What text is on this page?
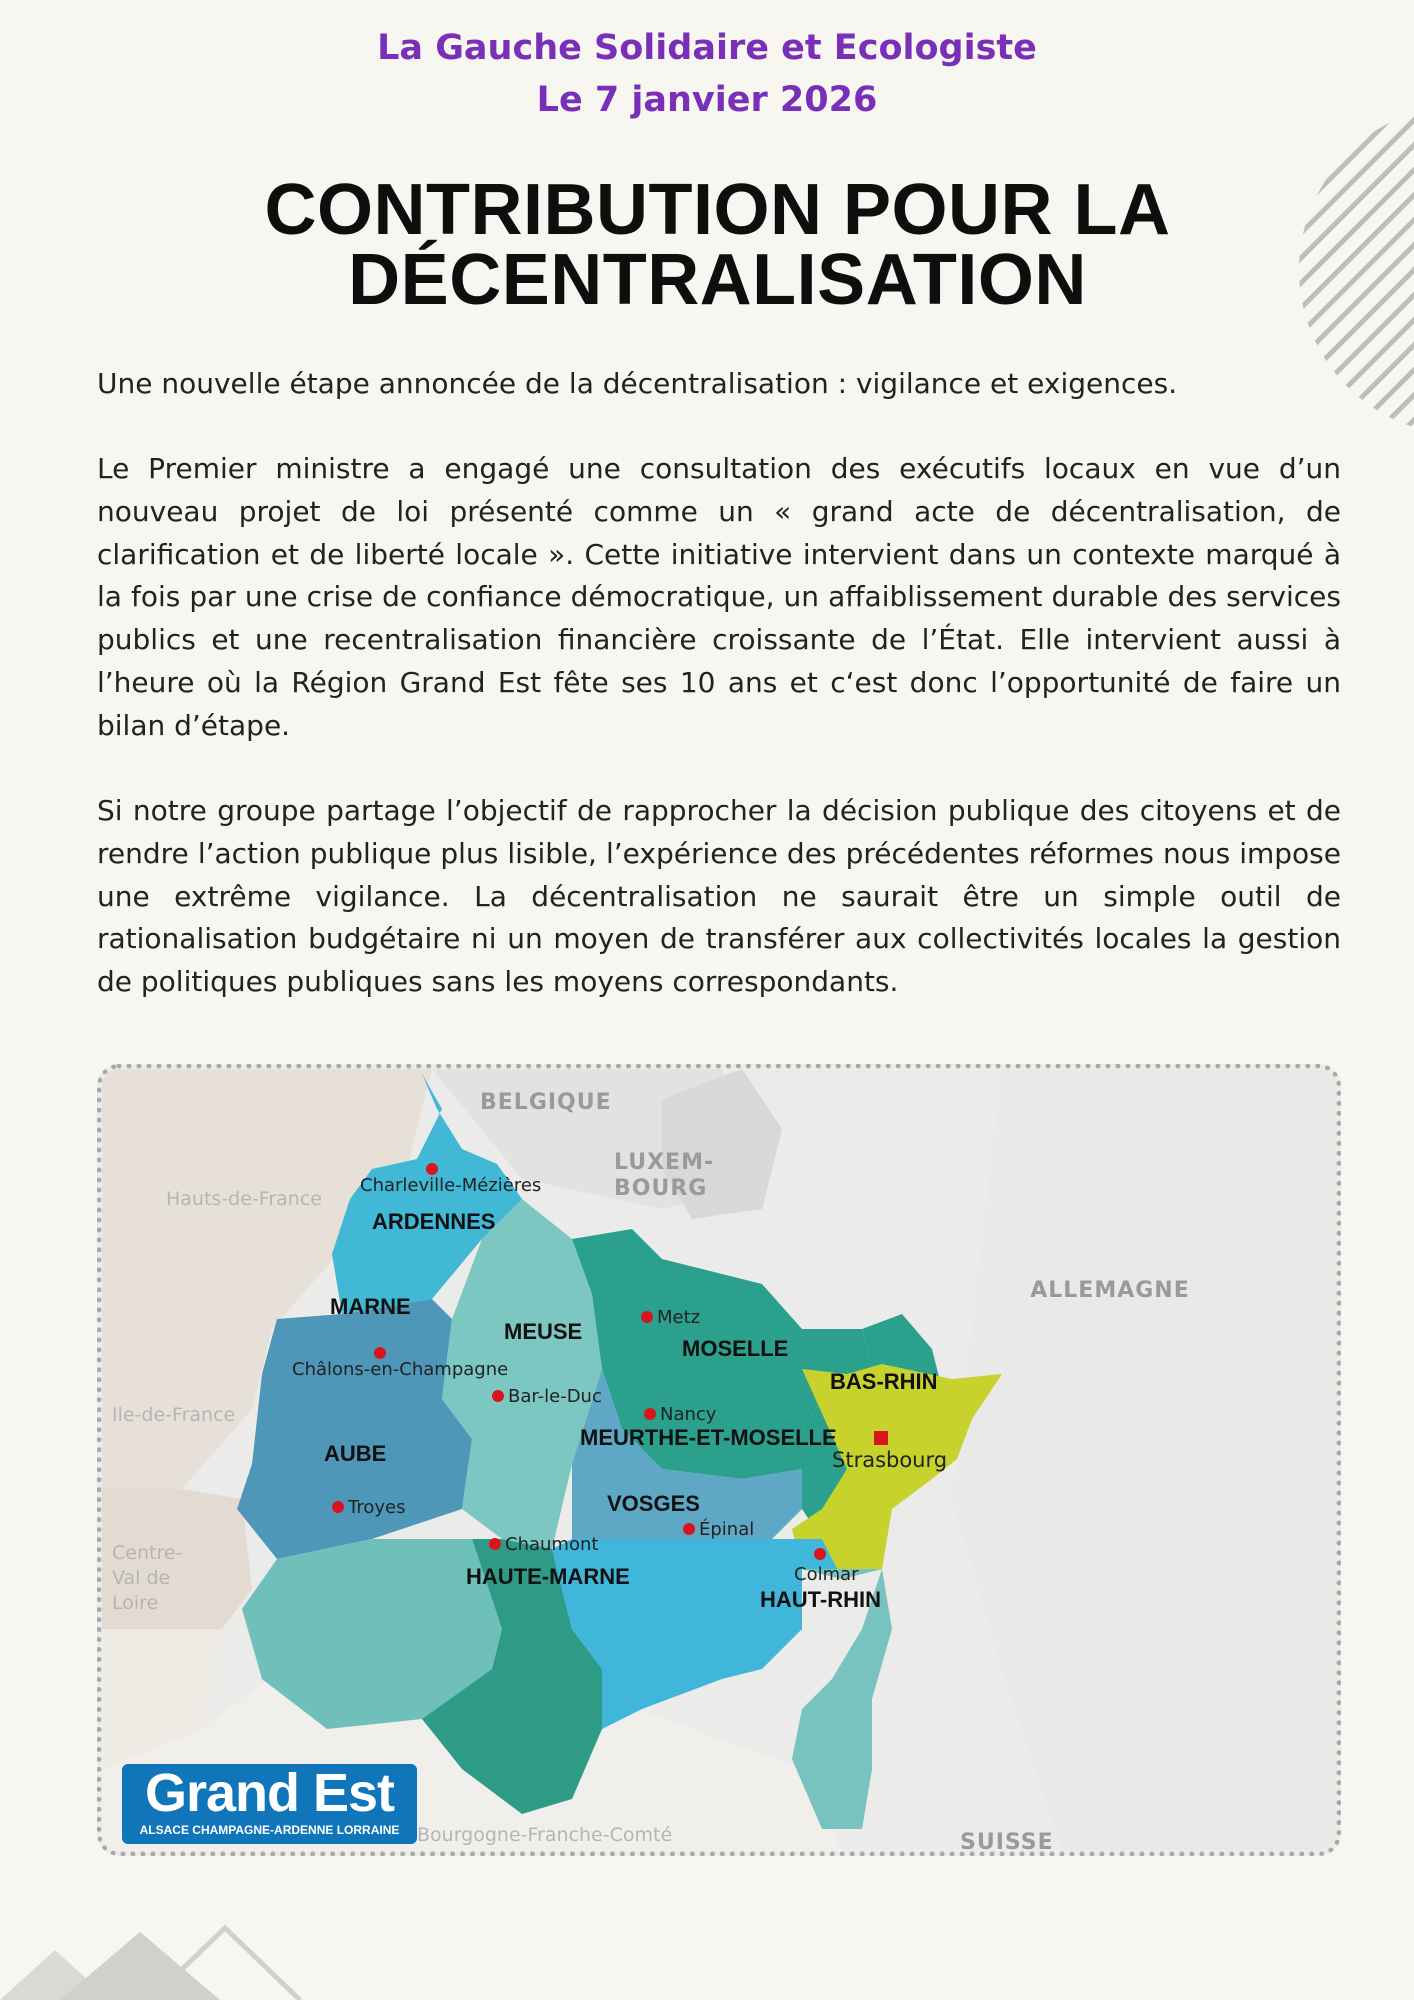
La Gauche Solidaire et Ecologiste
Le 7 janvier 2026
CONTRIBUTION POUR LA
DÉCENTRALISATION

Une nouvelle étape annoncée de la décentralisation : vigilance et exigences.

Le Premier ministre a engagé une consultation des exécutifs locaux en vue d’un nouveau projet de loi présenté comme un « grand acte de décentralisation, de clarification et de liberté locale ». Cette initiative intervient dans un contexte marqué à la fois par une crise de confiance démocratique, un affaiblissement durable des services publics et une recentralisation financière croissante de l’État. Elle intervient aussi à l’heure où la Région Grand Est fête ses 10 ans et c‘est donc l’opportunité de faire un bilan d’étape.

Si notre groupe partage l’objectif de rapprocher la décision publique des citoyens et de rendre l’action publique plus lisible, l’expérience des précédentes réformes nous impose une extrême vigilance. La décentralisation ne saurait être un simple outil de rationalisation budgétaire ni un moyen de transférer aux collectivités locales la gestion de politiques publiques sans les moyens correspondants.

BELGIQUE
LUXEM-
BOURG
ALLEMAGNE
SUISSE
Hauts-de-France
Ile-de-France
Centre-
Val de
Loire
Bourgogne-Franche-Comté
ARDENNES
MARNE
MEUSE
MOSELLE
BAS-RHIN
MEURTHE-ET-MOSELLE
AUBE
VOSGES
HAUTE-MARNE
HAUT-RHIN
Charleville-Mézières
Châlons-en-Champagne
Bar-le-Duc
Metz
Nancy
Strasbourg
Troyes
Épinal
Chaumont
Colmar
Grand Est
ALSACE CHAMPAGNE-ARDENNE LORRAINE
